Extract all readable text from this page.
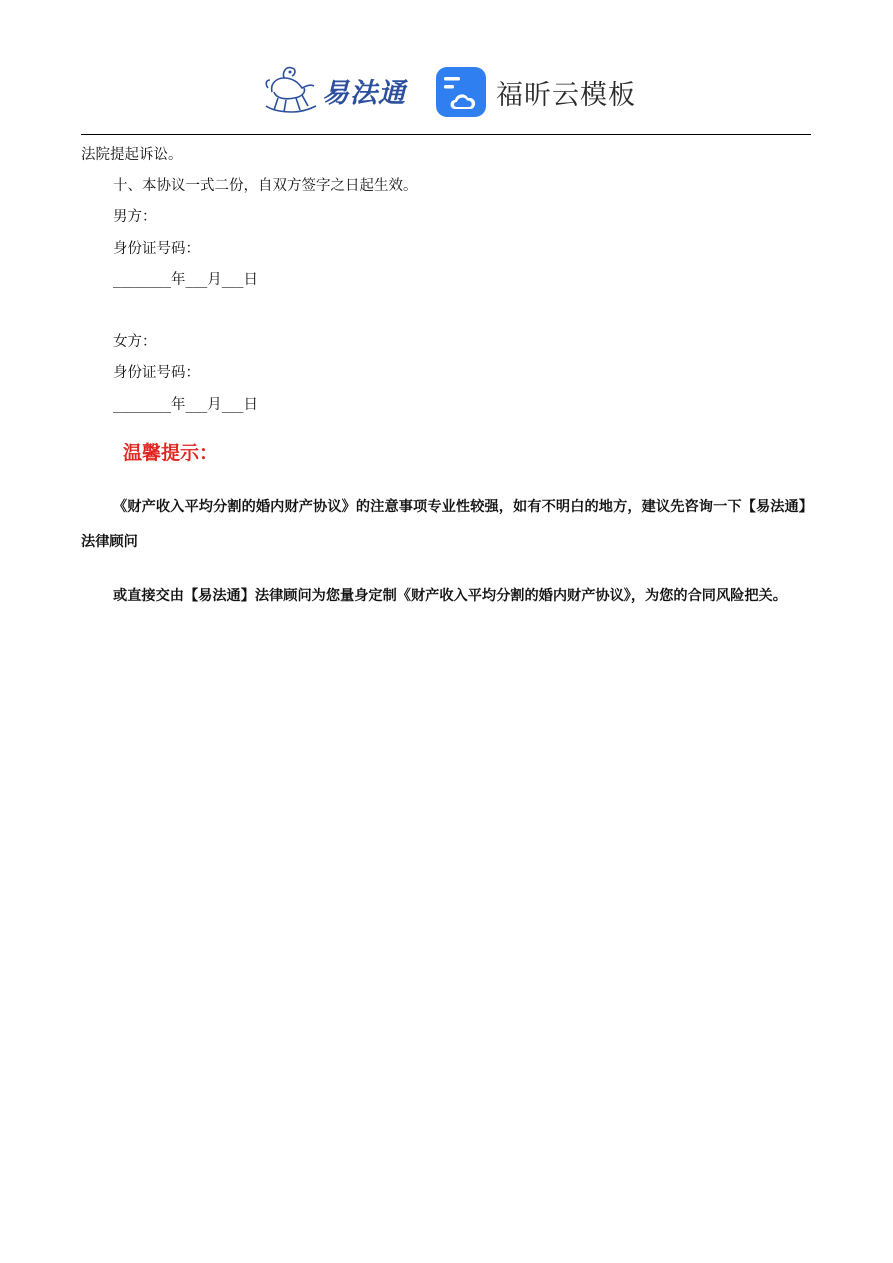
易法通	福昕云模板
法院提起诉讼。
十、本协议一式二份，自双方签字之日起生效。
男方：
身份证号码：
________年___月___日
女方：
身份证号码：
________年___月___日
温馨提示：
《财产收入平均分割的婚内财产协议》的注意事项专业性较强，如有不明白的地方，建议先咨询一下【易法通】法律顾问
或直接交由【易法通】法律顾问为您量身定制《财产收入平均分割的婚内财产协议》，为您的合同风险把关。
